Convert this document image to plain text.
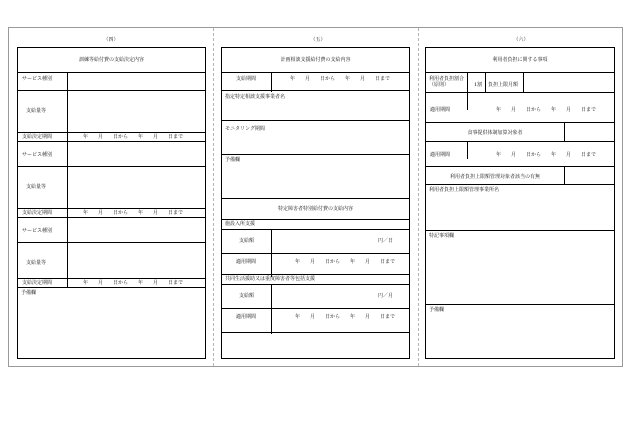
（四）	（五）	（六）
訓練等給付費の支給決定内容
サービス種別
支給量等
支給決定期間	年　　月　　日から　　年　　月　　日まで
サービス種別
支給量等
支給決定期間	年　　月　　日から　　年　　月　　日まで
サービス種別
支給量等
支給決定期間	年　　月　　日から　　年　　月　　日まで
予備欄
計画相談支援給付費の支給内容
支給期間	年　　月　　日から　　年　　月　　日まで
指定特定相談支援事業者名
モニタリング期間
予備欄
特定障害者特別給付費の支給内容
施設入所支援
支給額	円／日
適用期間	年　　月　　日から　　年　　月　　日まで
共同生活援助又は重度障害者等包括支援
支給額	円／月
適用期間	年　　月　　日から　　年　　月　　日まで
利用者負担に関する事項
利用者負担割合（原則）	1割 負担上限月額
適用期間	年　　月　　日から　　年　　月　　日まで
食事提供体制加算対象者
適用期間	年　　月　　日から　　年　　月　　日まで
利用者負担上限額管理対象者該当の有無
利用者負担上限額管理事業所名
特記事項欄
予備欄
